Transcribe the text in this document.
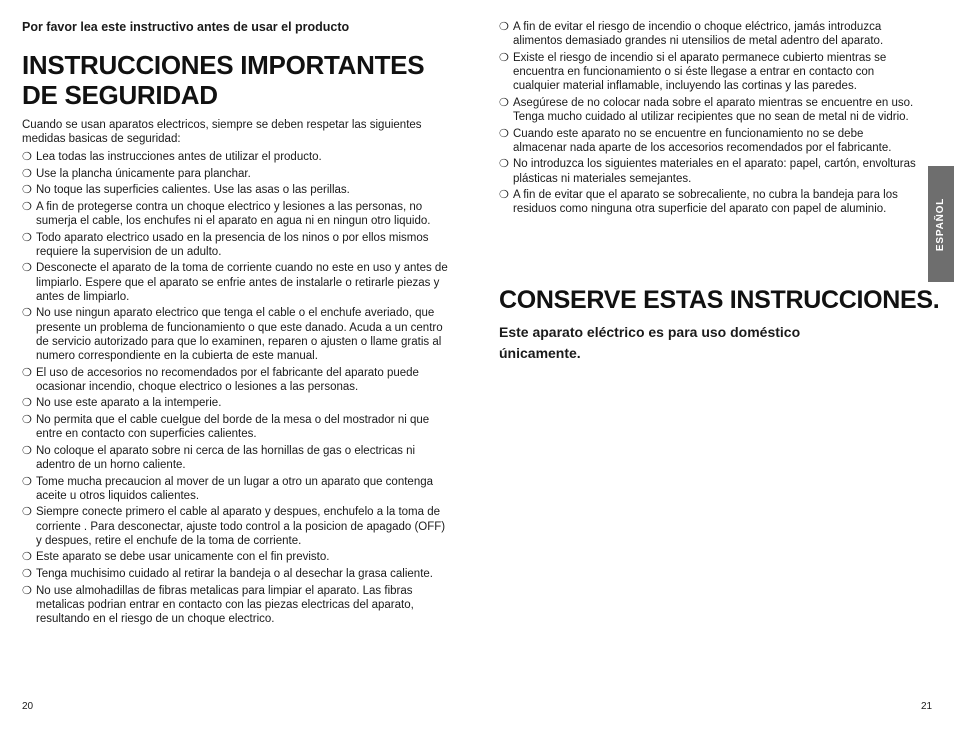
Por favor lea este instructivo antes de usar el producto

INSTRUCCIONES IMPORTANTES
DE SEGURIDAD

Cuando se usan aparatos electricos, siempre se deben respetar las siguientes medidas basicas de seguridad:

❍ Lea todas las instrucciones antes de utilizar el producto.
❍ Use la plancha únicamente para planchar.
❍ No toque las superficies calientes. Use las asas o las perillas.
❍ A fin de protegerse contra un choque electrico y lesiones a las personas, no sumerja el cable, los enchufes ni el aparato en agua ni en ningun otro liquido.
❍ Todo aparato electrico usado en la presencia de los ninos o por ellos mismos requiere la supervision de un adulto.
❍ Desconecte el aparato de la toma de corriente cuando no este en uso y antes de limpiarlo. Espere que el aparato se enfrie antes de instalarle o retirarle piezas y antes de limpiarlo.
❍ No use ningun aparato electrico que tenga el cable o el enchufe averiado, que presente un problema de funcionamiento o que este danado. Acuda a un centro de servicio autorizado para que lo examinen, reparen o ajusten o llame gratis al numero correspondiente en la cubierta de este manual.
❍ El uso de accesorios no recomendados por el fabricante del aparato puede ocasionar incendio, choque electrico o lesiones a las personas.
❍ No use este aparato a la intemperie.
❍ No permita que el cable cuelgue del borde de la mesa o del mostrador ni que entre en contacto con superficies calientes.
❍ No coloque el aparato sobre ni cerca de las hornillas de gas o electricas ni adentro de un horno caliente.
❍ Tome mucha precaucion al mover de un lugar a otro un aparato que contenga aceite u otros liquidos calientes.
❍ Siempre conecte primero el cable al aparato y despues, enchufelo a la toma de corriente . Para desconectar, ajuste todo control a la posicion de apagado (OFF) y despues, retire el enchufe de la toma de corriente.
❍ Este aparato se debe usar unicamente con el fin previsto.
❍ Tenga muchisimo cuidado al retirar la bandeja o al desechar la grasa caliente.
❍ No use almohadillas de fibras metalicas para limpiar el aparato. Las fibras metalicas podrian entrar en contacto con las piezas electricas del aparato, resultando en el riesgo de un choque electrico.
20
❍ A fin de evitar el riesgo de incendio o choque eléctrico, jamás introduzca alimentos demasiado grandes ni utensilios de metal adentro del aparato.
❍ Existe el riesgo de incendio si el aparato permanece cubierto mientras se encuentra en funcionamiento o si éste llegase a entrar en contacto con cualquier material inflamable, incluyendo las cortinas y las paredes.
❍ Asegúrese de no colocar nada sobre el aparato mientras se encuentre en uso. Tenga mucho cuidado al utilizar recipientes que no sean de metal ni de vidrio.
❍ Cuando este aparato no se encuentre en funcionamiento no se debe almacenar nada aparte de los accesorios recomendados por el fabricante.
❍ No introduzca los siguientes materiales en el aparato: papel, cartón, envolturas plásticas ni materiales semejantes.
❍ A fin de evitar que el aparato se sobrecaliente, no cubra la bandeja para los residuos como ninguna otra superficie del aparato con papel de aluminio.
CONSERVE ESTAS INSTRUCCIONES.

Este aparato eléctrico es para uso doméstico únicamente.

ESPAÑOL
21
